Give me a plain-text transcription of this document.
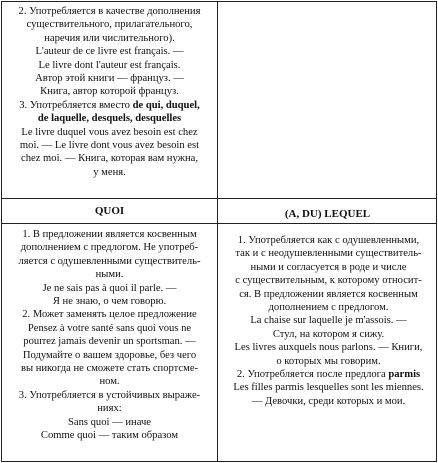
2. Употребляется в качестве дополнения
существительного, прилагательного,
наречия или числительного).
L'auteur de ce livre est français. —
Le livre dont l'auteur est français.
Автор этой книги — француз. —
Книга, автор которой француз.
3. Употребляется вместо de qui, duquel,
de laquelle, desquels, desquelles
Le livre duquel vous avez besoin est chez
moi. — Le livre dont vous avez besoin est
chez moi. — Книга, которая вам нужна,
у меня.
QUOI	(A, DU) LEQUEL
1. В предложении является косвенным
дополнением с предлогом. Не употреб-
ляется с одушевленными существитель-
ными.
Je ne sais pas à quoi il parle. —
Я не знаю, о чем говорю.
2. Может заменять целое предложение
Pensez à votre santé sans quoi vous ne
pourrez jamais devenir un sportsman. —
Подумайте о вашем здоровье, без чего
вы никогда не сможете стать спортсме-
ном.
3. Употребляется в устойчивых выраже-
ниях:
Sans quoi — иначе
Comme quoi — таким образом
1. Употребляется как с одушевленными,
так и с неодушевленными существитель-
ными и согласуется в роде и числе
с существительным, к которому относит-
ся. В предложении является косвенным
дополнением с предлогом.
La chaise sur laquelle je m'assois. —
Стул, на котором я сижу.
Les livres auxquels nous parlons. — Книги,
о которых мы говорим.
2. Употребляется после предлога parmis
Les filles parmis lesquelles sont les miennes.
— Девочки, среди которых и мои.
